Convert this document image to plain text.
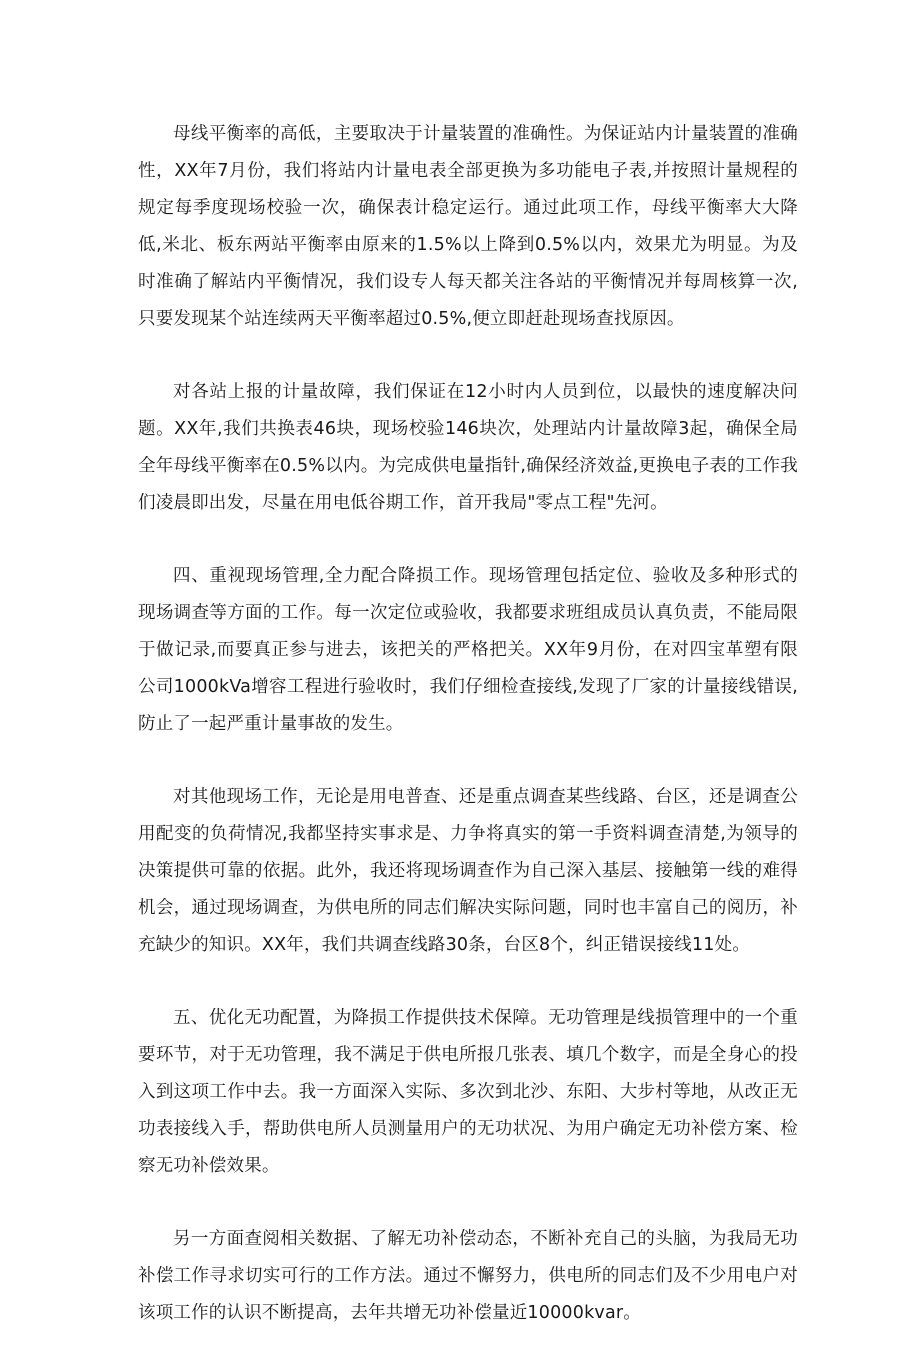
母线平衡率的高低，主要取决于计量装置的准确性。为保证站内计量装置的准确性，XX年7月份，我们将站内计量电表全部更换为多功能电子表,并按照计量规程的规定每季度现场校验一次，确保表计稳定运行。通过此项工作，母线平衡率大大降低,米北、板东两站平衡率由原来的1.5%以上降到0.5%以内，效果尤为明显。为及时准确了解站内平衡情况，我们设专人每天都关注各站的平衡情况并每周核算一次,只要发现某个站连续两天平衡率超过0.5%,便立即赶赴现场查找原因。

对各站上报的计量故障，我们保证在12小时内人员到位，以最快的速度解决问题。XX年,我们共换表46块，现场校验146块次，处理站内计量故障3起，确保全局全年母线平衡率在0.5%以内。为完成供电量指针,确保经济效益,更换电子表的工作我们凌晨即出发，尽量在用电低谷期工作，首开我局"零点工程"先河。

四、重视现场管理,全力配合降损工作。现场管理包括定位、验收及多种形式的现场调查等方面的工作。每一次定位或验收，我都要求班组成员认真负责，不能局限于做记录,而要真正参与进去，该把关的严格把关。XX年9月份，在对四宝革塑有限公司1000kVa增容工程进行验收时，我们仔细检查接线,发现了厂家的计量接线错误,防止了一起严重计量事故的发生。

对其他现场工作，无论是用电普查、还是重点调查某些线路、台区，还是调查公用配变的负荷情况,我都坚持实事求是、力争将真实的第一手资料调查清楚,为领导的决策提供可靠的依据。此外，我还将现场调查作为自己深入基层、接触第一线的难得机会，通过现场调查，为供电所的同志们解决实际问题，同时也丰富自己的阅历，补充缺少的知识。XX年，我们共调查线路30条，台区8个，纠正错误接线11处。

五、优化无功配置，为降损工作提供技术保障。无功管理是线损管理中的一个重要环节，对于无功管理，我不满足于供电所报几张表、填几个数字，而是全身心的投入到这项工作中去。我一方面深入实际、多次到北沙、东阳、大步村等地，从改正无功表接线入手，帮助供电所人员测量用户的无功状况、为用户确定无功补偿方案、检察无功补偿效果。

另一方面查阅相关数据、了解无功补偿动态，不断补充自己的头脑，为我局无功补偿工作寻求切实可行的工作方法。通过不懈努力，供电所的同志们及不少用电户对该项工作的认识不断提高，去年共增无功补偿量近10000kvar。
